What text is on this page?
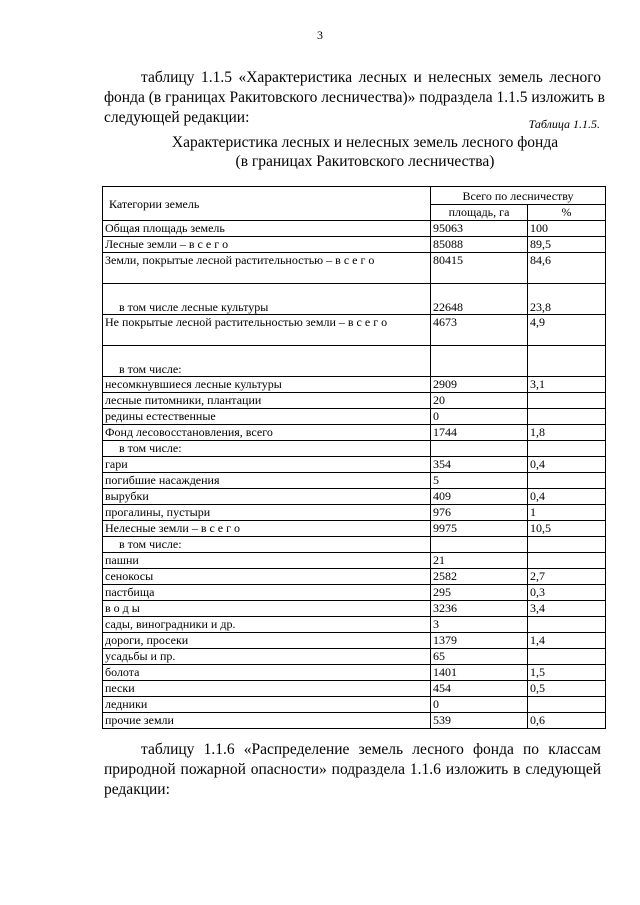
3
таблицу 1.1.5 «Характеристика лесных и нелесных земель лесного
фонда (в границах Ракитовского лесничества)» подраздела 1.1.5 изложить в
следующей редакции:	Таблица 1.1.5.
Характеристика лесных и нелесных земель лесного фонда
(в границах Ракитовского лесничества)
Категории земель	Всего по лесничеству	
	площадь, га	%
Общая площадь земель	95063	100
Лесные земли – в с е г о	85088	89,5
Земли, покрытые лесной растительностью – в с е г о	80415	84,6
в том числе лесные культуры	22648	23,8
Не покрытые лесной растительностью земли – в с е г о	4673	4,9
в том числе:		
несомкнувшиеся лесные культуры	2909	3,1
лесные питомники, плантации	20	
редины естественные	0	
Фонд лесовосстановления, всего	1744	1,8
в том числе:		
гари	354	0,4
погибшие насаждения	5	
вырубки	409	0,4
прогалины, пустыри	976	1
Нелесные земли – в с е г о	9975	10,5
в том числе:		
пашни	21	
сенокосы	2582	2,7
пастбища	295	0,3
в о д ы	3236	3,4
сады, виноградники и др.	3	
дороги, просеки	1379	1,4
усадьбы и пр.	65	
болота	1401	1,5
пески	454	0,5
ледники	0	
прочие земли	539	0,6
таблицу 1.1.6 «Распределение земель лесного фонда по классам
природной пожарной опасности» подраздела 1.1.6 изложить в следующей
редакции:
